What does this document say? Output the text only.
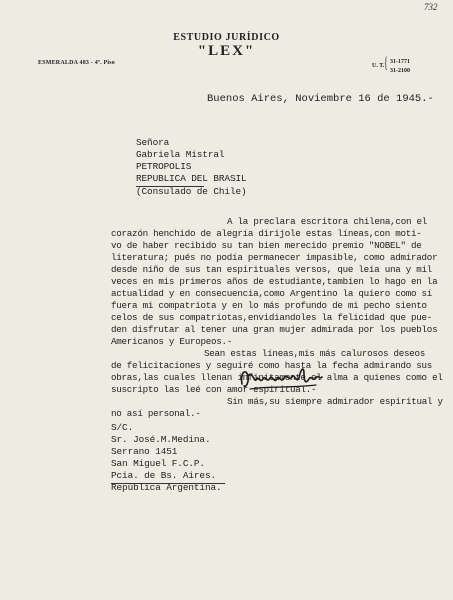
732
ESTUDIO JURÍDICO
"LEX"
ESMERALDA 483 - 4º. Piso	U. T. { 31-1771
31-2100
Buenos Aires, Noviembre 16 de 1945.-
Señora
Gabriela Mistral
PETROPOLIS
REPUBLICA DEL BRASIL
(Consulado de Chile)
A la preclara escritora chilena,con el
corazón henchido de alegría dirijole estas líneas,con moti-
vo de haber recibido su tan bien merecido premio "NOBEL" de
literatura; pués no podía permanecer impasible, como admirador
desde niño de sus tan espirituales versos, que leía una y mil
veces en mis primeros años de estudiante,tambien lo hago en la
actualidad y en consecuencia,como Argentino la quiero como si
fuera mi compatriota y en lo más profundo de mi pecho siento
celos de sus compatriotas,envidiandoles la felicidad que pue-
den disfrutar al tener una gran mujer admirada por los pueblos
Americanos y Europeos.-
Sean estas líneas,mis más calurosos deseos
de felicitaciones y seguiré como hasta la fecha admirando sus
obras,las cuales llenan infinitamente el alma a quienes como el
suscripto las leé con amor espiritual.-
Sin más,su siempre admirador espiritual y
no así personal.-
S/C.
Sr. José.M.Medina.
Serrano 1451
San Miguel F.C.P.
Pcia. de Bs. Aires.
República Argentina.
